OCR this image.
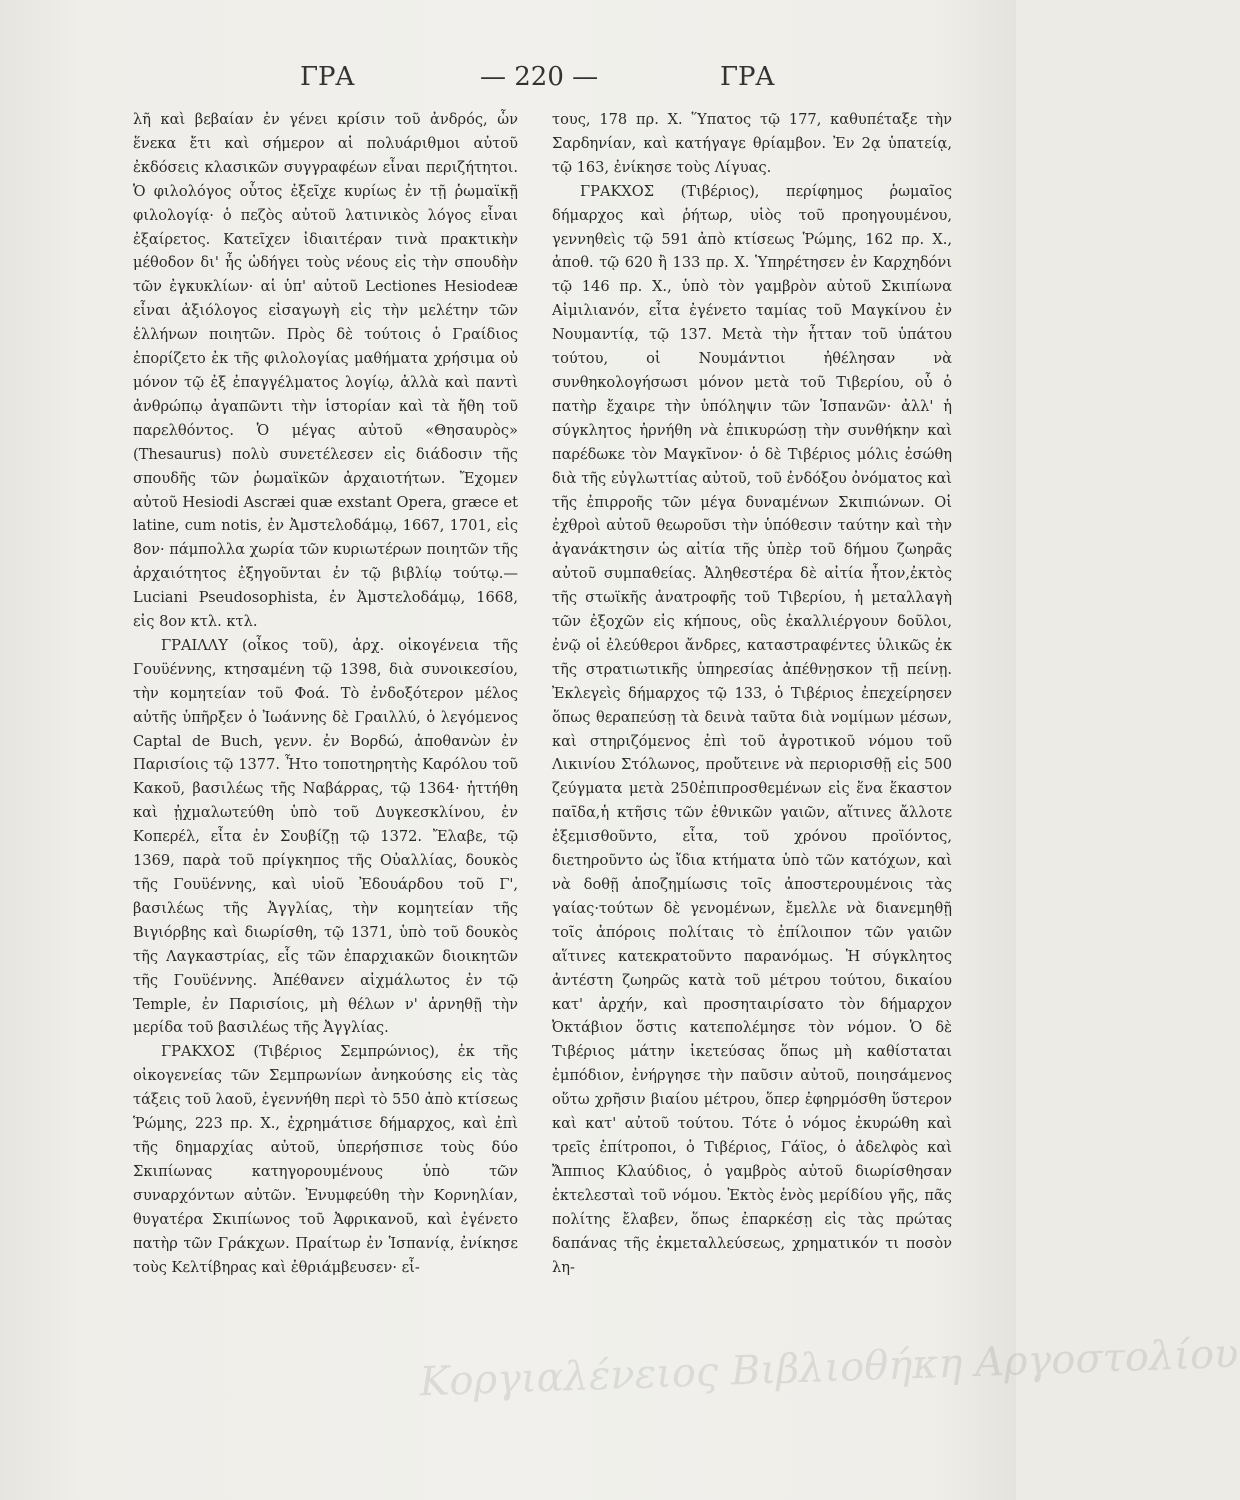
ΓΡΑ	— 220 —	ΓΡΑ

λῆ καὶ βεβαίαν ἐν γένει κρίσιν τοῦ ἀνδρός, ὧν ἕνεκα ἔτι καὶ σήμερον αἱ πολυάριθμοι αὐτοῦ ἐκδόσεις κλασικῶν συγγραφέων εἶναι περιζήτητοι. Ὁ φιλολόγος οὗτος ἐξεῖχε κυρίως ἐν τῇ ῥωμαϊκῇ φιλολογίᾳ· ὁ πεζὸς αὐτοῦ λατινικὸς λόγος εἶναι ἐξαίρετος. Κατεῖχεν ἰδιαιτέραν τινὰ πρακτικὴν μέθοδον δι' ἧς ὡδήγει τοὺς νέους εἰς τὴν σπουδὴν τῶν ἐγκυκλίων· αἱ ὑπ' αὐτοῦ Lectiones Hesiodeæ εἶναι ἀξιόλογος εἰσαγωγὴ εἰς τὴν μελέτην τῶν ἑλλήνων ποιητῶν. Πρὸς δὲ τούτοις ὁ Γραίδιος ἐπορίζετο ἐκ τῆς φιλολογίας μαθήματα χρήσιμα οὐ μόνον τῷ ἐξ ἐπαγγέλματος λογίῳ, ἀλλὰ καὶ παντὶ ἀνθρώπῳ ἀγαπῶντι τὴν ἱστορίαν καὶ τὰ ἤθη τοῦ παρελθόντος. Ὁ μέγας αὐτοῦ «Θησαυρὸς» (Thesaurus) πολὺ συνετέλεσεν εἰς διάδοσιν τῆς σπουδῆς τῶν ῥωμαϊκῶν ἀρχαιοτήτων. Ἔχομεν αὐτοῦ Hesiodi Ascræi quæ exstant Opera, græce et latine, cum notis, ἐν Ἀμστελοδάμῳ, 1667, 1701, εἰς 8ον· πάμπολλα χωρία τῶν κυριωτέρων ποιητῶν τῆς ἀρχαιότητος ἐξηγοῦνται ἐν τῷ βιβλίῳ τούτῳ.— Luciani Pseudosophista, ἐν Ἀμστελοδάμῳ, 1668, εἰς 8ον κτλ. κτλ.

ΓΡΑΙΛΛΥ (οἶκος τοῦ), ἀρχ. οἰκογένεια τῆς Γουϋέννης, κτησαμένη τῷ 1398, διὰ συνοικεσίου, τὴν κομητείαν τοῦ Φοά. Τὸ ἐνδοξότερον μέλος αὐτῆς ὑπῆρξεν ὁ Ἰωάννης δὲ Γραιλλύ, ὁ λεγόμενος Captal de Buch, γενν. ἐν Βορδώ, ἀποθανὼν ἐν Παρισίοις τῷ 1377. Ἦτο τοποτηρητὴς Καρόλου τοῦ Κακοῦ, βασιλέως τῆς Ναβάρρας, τῷ 1364· ἡττήθη καὶ ᾐχμαλωτεύθη ὑπὸ τοῦ Δυγκεσκλίνου, ἐν Κοπερέλ, εἶτα ἐν Σουβίζῃ τῷ 1372. Ἔλαβε, τῷ 1369, παρὰ τοῦ πρίγκηπος τῆς Οὐαλλίας, δουκὸς τῆς Γουϋέννης, καὶ υἱοῦ Ἐδουάρδου τοῦ Γ', βασιλέως τῆς Ἀγγλίας, τὴν κομητείαν τῆς Βιγιόρβης καὶ διωρίσθη, τῷ 1371, ὑπὸ τοῦ δουκὸς τῆς Λαγκαστρίας, εἷς τῶν ἐπαρχιακῶν διοικητῶν τῆς Γουϋέννης. Ἀπέθανεν αἰχμάλωτος ἐν τῷ Temple, ἐν Παρισίοις, μὴ θέλων ν' ἀρνηθῇ τὴν μερίδα τοῦ βασιλέως τῆς Ἀγγλίας.

ΓΡΑΚΧΟΣ (Τιβέριος Σεμπρώνιος), ἐκ τῆς οἰκογενείας τῶν Σεμπρωνίων ἀνηκούσης εἰς τὰς τάξεις τοῦ λαοῦ, ἐγεννήθη περὶ τὸ 550 ἀπὸ κτίσεως Ῥώμης, 223 πρ. Χ., ἐχρημάτισε δήμαρχος, καὶ ἐπὶ τῆς δημαρχίας αὐτοῦ, ὑπερήσπισε τοὺς δύο Σκιπίωνας κατηγορουμένους ὑπὸ τῶν συναρχόντων αὐτῶν. Ἐνυμφεύθη τὴν Κορνηλίαν, θυγατέρα Σκιπίωνος τοῦ Ἀφρικανοῦ, καὶ ἐγένετο πατὴρ τῶν Γράκχων. Πραίτωρ ἐν Ἱσπανίᾳ, ἐνίκησε τοὺς Κελτίβηρας καὶ ἐθριάμβευσεν· εἶ-

τους, 178 πρ. Χ. Ὕπατος τῷ 177, καθυπέταξε τὴν Σαρδηνίαν, καὶ κατήγαγε θρίαμβον. Ἐν 2ᾳ ὑπατείᾳ, τῷ 163, ἐνίκησε τοὺς Λίγυας.

ΓΡΑΚΧΟΣ (Τιβέριος), περίφημος ῥωμαῖος δήμαρχος καὶ ῥήτωρ, υἱὸς τοῦ προηγουμένου, γεννηθεὶς τῷ 591 ἀπὸ κτίσεως Ῥώμης, 162 πρ. Χ., ἀποθ. τῷ 620 ἢ 133 πρ. Χ. Ὑπηρέτησεν ἐν Καρχηδόνι τῷ 146 πρ. Χ., ὑπὸ τὸν γαμβρὸν αὐτοῦ Σκιπίωνα Αἰμιλιανόν, εἶτα ἐγένετο ταμίας τοῦ Μαγκίνου ἐν Νουμαντίᾳ, τῷ 137. Μετὰ τὴν ἧτταν τοῦ ὑπάτου τούτου, οἱ Νουμάντιοι ἠθέλησαν νὰ συνθηκολογήσωσι μόνον μετὰ τοῦ Τιβερίου, οὗ ὁ πατὴρ ἔχαιρε τὴν ὑπόληψιν τῶν Ἱσπανῶν· ἀλλ' ἡ σύγκλητος ἠρνήθη νὰ ἐπικυρώσῃ τὴν συνθήκην καὶ παρέδωκε τὸν Μαγκῖνον· ὁ δὲ Τιβέριος μόλις ἐσώθη διὰ τῆς εὐγλωττίας αὐτοῦ, τοῦ ἐνδόξου ὀνόματος καὶ τῆς ἐπιρροῆς τῶν μέγα δυναμένων Σκιπιώνων. Οἱ ἐχθροὶ αὐτοῦ θεωροῦσι τὴν ὑπόθεσιν ταύτην καὶ τὴν ἀγανάκτησιν ὡς αἰτία τῆς ὑπὲρ τοῦ δήμου ζωηρᾶς αὐτοῦ συμπαθείας. Ἀληθεστέρα δὲ αἰτία ἦτον,ἐκτὸς τῆς στωϊκῆς ἀνατροφῆς τοῦ Τιβερίου, ἡ μεταλλαγὴ τῶν ἐξοχῶν εἰς κήπους, οὓς ἐκαλλιέργουν δοῦλοι, ἐνῷ οἱ ἐλεύθεροι ἄνδρες, καταστραφέντες ὑλικῶς ἐκ τῆς στρατιωτικῆς ὑπηρεσίας ἀπέθνῃσκον τῇ πείνῃ. Ἐκλεγεὶς δήμαρχος τῷ 133, ὁ Τιβέριος ἐπεχείρησεν ὅπως θεραπεύσῃ τὰ δεινὰ ταῦτα διὰ νομίμων μέσων, καὶ στηριζόμενος ἐπὶ τοῦ ἀγροτικοῦ νόμου τοῦ Λικινίου Στόλωνος, προὔτεινε νὰ περιορισθῇ εἰς 500 ζεύγματα μετὰ 250ἐπιπροσθεμένων εἰς ἕνα ἕκαστον παῖδα,ἡ κτῆσις τῶν ἐθνικῶν γαιῶν, αἵτινες ἄλλοτε ἐξεμισθοῦντο, εἶτα, τοῦ χρόνου προϊόντος, διετηροῦντο ὡς ἴδια κτήματα ὑπὸ τῶν κατόχων, καὶ νὰ δοθῇ ἀποζημίωσις τοῖς ἀποστερουμένοις τὰς γαίας·τούτων δὲ γενομένων, ἔμελλε νὰ διανεμηθῇ τοῖς ἀπόροις πολίταις τὸ ἐπίλοιπον τῶν γαιῶν αἵτινες κατεκρατοῦντο παρανόμως. Ἡ σύγκλητος ἀντέστη ζωηρῶς κατὰ τοῦ μέτρου τούτου, δικαίου κατ' ἀρχήν, καὶ προσηταιρίσατο τὸν δήμαρχον Ὀκτάβιον ὅστις κατεπολέμησε τὸν νόμον. Ὁ δὲ Τιβέριος μάτην ἱκετεύσας ὅπως μὴ καθίσταται ἐμπόδιον, ἐνήργησε τὴν παῦσιν αὐτοῦ, ποιησάμενος οὕτω χρῆσιν βιαίου μέτρου, ὅπερ ἐφηρμόσθη ὕστερον καὶ κατ' αὐτοῦ τούτου. Τότε ὁ νόμος ἐκυρώθη καὶ τρεῖς ἐπίτροποι, ὁ Τιβέριος, Γάϊος, ὁ ἀδελφὸς καὶ Ἄππιος Κλαύδιος, ὁ γαμβρὸς αὐτοῦ διωρίσθησαν ἐκτελεσταὶ τοῦ νόμου. Ἐκτὸς ἑνὸς μερίδίου γῆς, πᾶς πολίτης ἔλαβεν, ὅπως ἐπαρκέσῃ εἰς τὰς πρώτας δαπάνας τῆς ἐκμεταλλεύσεως, χρηματικόν τι ποσὸν λη-

Κοργιαλένειος Βιβλιοθήκη Αργοστολίου
